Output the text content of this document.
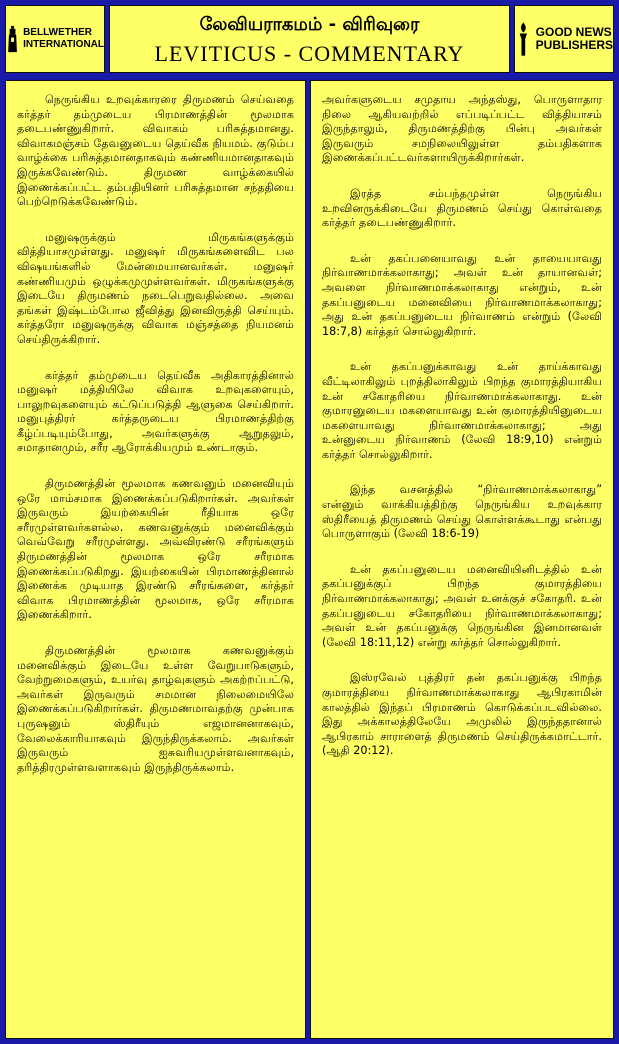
BELLWETHER
INTERNATIONAL
லேவியராகமம் - விரிவுரை
LEVITICUS - COMMENTARY
GOOD NEWS
PUBLISHERS

நெருங்கிய உறவுக்காரரை திருமணம் செய்வதை கர்த்தர் தம்முடைய பிரமாணத்தின் மூலமாக தடைபண்ணுகிறார். விவாகம் பரிசுத்தமானது. விவாகமஞ்சம் தேவனுடைய தெய்வீக நியமம். குடும்ப வாழ்க்கை பரிசுத்தமானதாகவும் கண்ணியமானதாகவும் இருக்கவேண்டும். திருமண வாழ்க்கையில் இணைக்கப்பட்ட தம்பதியினர் பரிசுத்தமான சந்ததியை பெற்றெடுக்கவேண்டும்.

மனுஷருக்கும் மிருகங்களுக்கும் வித்தியாசமுள்ளது. மனுஷர் மிருகங்களைவிட பல விஷயங்களில் மேன்மையானவர்கள். மனுஷர் கண்ணியமும் ஒழுக்கமுமுள்ளவர்கள். மிருகங்களுக்கு இடையே திருமணம் நடைபெறுவதில்லை. அவை தங்கள் இஷ்டம்போல ஜீவித்து இனவிருத்தி செய்யும். கர்த்தரோ மனுஷருக்கு விவாக மஞ்சத்தை நியமனம் செய்திருக்கிறார்.

கர்த்தர் தம்முடைய தெய்வீக அதிகாரத்தினால் மனுஷர் மத்தியிலே விவாக உறவுகளையும், பாலுறவுகளையும் கட்டுப்படுத்தி ஆளுகை செய்கிறார். மனுபுத்திரர் கர்த்தருடைய பிரமாணத்திற்கு கீழ்ப்படியும்போது, அவர்களுக்கு ஆறுதலும், சமாதானமும், சரீர ஆரோக்கியமும் உண்டாகும்.

திருமணத்தின் மூலமாக கணவனும் மனைவியும் ஒரே மாம்சமாக இணைக்கப்படுகிறார்கள். அவர்கள் இருவரும் இயற்கையின் ரீதியாக ஒரே சரீரமுள்ளவர்களல்ல. கணவனுக்கும் மனைவிக்கும் வெவ்வேறு சரீரமுள்ளது. அவ்விரண்டு சரீரங்களும் திருமணத்தின் மூலமாக ஒரே சரீரமாக இணைக்கப்படுகிறது. இயற்கையின் பிரமாணத்தினால் இணைக்க முடியாத இரண்டு சரீரங்களை, கர்த்தர் விவாக பிரமாணத்தின் மூலமாக, ஒரே சரீரமாக இணைக்கிறார்.

திருமணத்தின் மூலமாக கணவனுக்கும் மனைவிக்கும் இடையே உள்ள வேறுபாடுகளும், வேற்றுமைகளும், உயர்வு தாழ்வுகளும் அகற்றப்பட்டு, அவர்கள் இருவரும் சமமான நிலைமையிலே இணைக்கப்படுகிறார்கள். திருமணமாவதற்கு முன்பாக புருஷனும் ஸ்திரீயும் எஜமானனாகவும், வேலைக்காரியாகவும் இருந்திருக்கலாம். அவர்கள் இருவரும் ஐசுவரியமுள்ளவனாகவும், தரித்திரமுள்ளவளாகவும் இருந்திருக்கலாம்.

அவர்களுடைய சமுதாய அந்தஸ்து, பொருளாதார நிலை ஆகியவற்றில் எப்படிப்பட்ட வித்தியாசம் இருந்தாலும், திருமணத்திற்கு பின்பு அவர்கள் இருவரும் சமநிலையிலுள்ள தம்பதிகளாக இணைக்கப்பட்டவர்களாயிருக்கிறார்கள்.

இரத்த சம்பந்தமுள்ள நெருங்கிய உறவினருக்கிடையே திருமணம் செய்து கொள்வதை கர்த்தர் தடைபண்ணுகிறார்.

உன் தகப்பனையாவது உன் தாயையாவது நிர்வாணமாக்கலாகாது; அவள் உன் தாயானவள்; அவளை நிர்வாணமாக்கலாகாது என்றும், உன் தகப்பனுடைய மனைவியை நிர்வாணமாக்கலாகாது; அது உன் தகப்பனுடைய நிர்வாணம் என்றும் (லேவி 18:7,8) கர்த்தர் சொல்லுகிறார்.

உன் தகப்பனுக்காவது உன் தாய்க்காவது வீட்டிலாகிலும் புறத்திலாகிலும் பிறந்த குமாரத்தியாகிய உன் சகோதரியை நிர்வாணமாக்கலாகாது. உன் குமாரனுடைய மகளையாவது உன் குமாரத்தியினுடைய மகளையாவது நிர்வாணமாக்கலாகாது; அது உன்னுடைய நிர்வாணம் (லேவி 18:9,10) என்றும் கர்த்தர் சொல்லுகிறார்.

இந்த வசனத்தில் “நிர்வாணமாக்கலாகாது” என்னும் வாக்கியத்திற்கு நெருங்கிய உறவுக்கார ஸ்திரீயைத் திருமணம் செய்து கொள்ளக்கூடாது என்பது பொருளாகும் (லேவி 18:6-19)

உன் தகப்பனுடைய மனைவியினிடத்தில் உன் தகப்பனுக்குப் பிறந்த குமாரத்தியை நிர்வாணமாக்கலாகாது; அவள் உனக்குச் சகோதரி. உன் தகப்பனுடைய சகோதரியை நிர்வாணமாக்கலாகாது; அவள் உன் தகப்பனுக்கு நெருங்கின இனமானவள் (லேவி 18:11,12) என்று கர்த்தர் சொல்லுகிறார்.

இஸ்ரவேல் புத்திரர் தன் தகப்பனுக்கு பிறந்த குமாரத்தியை நிர்வாணமாக்கலாகாது ஆபிரகாமின் காலத்தில் இந்தப் பிரமாணம் கொடுக்கப்படவில்லை. இது அக்காலத்திலேயே அமுலில் இருந்ததானால் ஆபிரகாம் சாராளைத் திருமணம் செய்திருக்கமாட்டார். (ஆதி 20:12).
